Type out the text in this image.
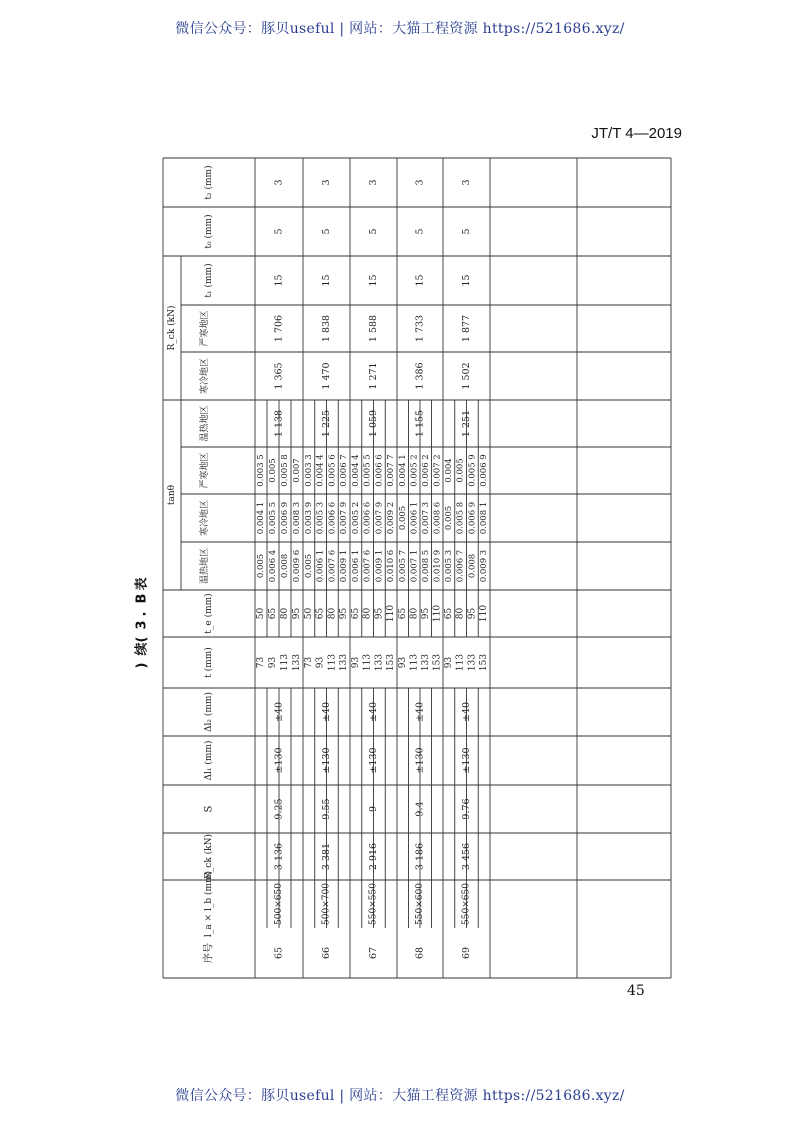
微信公众号：豚贝useful | 网站：大猫工程资源 https://521686.xyz/
JT/T 4—2019
表
B
.
3
(
续
)
序号
l_a × l_b (mm)
R_ck (kN)
S
Δl₁ (mm)
Δl₂ (mm)
t (mm)
t_e (mm)
tanθ
温热地区
寒冷地区
严寒地区
R_ck (kN)
温热地区
寒冷地区
严寒地区
t₁ (mm)
t₀ (mm)
t₂ (mm)
65
500×650
3 136
9.25
±130
±40
1 138
1 365
1 706
15
5
3
73
50
0.005
0.004 1
0.003 5
93
65
0.006 4
0.005 5
0.005
113
80
0.008
0.006 9
0.005 8
133
95
0.009 6
0.008 3
0.007
66
500×700
3 381
9.55
±130
±40
1 225
1 470
1 838
15
5
3
73
50
0.005
0.003 9
0.003 3
93
65
0.006 1
0.005 3
0.004 4
113
80
0.007 6
0.006 6
0.005 6
133
95
0.009 1
0.007 9
0.006 7
67
550×550
2 916
9
±130
±40
1 059
1 271
1 588
15
5
3
93
65
0.006 1
0.005 2
0.004 4
113
80
0.007 6
0.006 6
0.005 5
133
95
0.009 1
0.007 9
0.006 6
153
110
0.010 6
0.009 2
0.007 7
68
550×600
3 186
9.4
±130
±40
1 155
1 386
1 733
15
5
3
93
65
0.005 7
0.005
0.004 1
113
80
0.007 1
0.006 1
0.005 2
133
95
0.008 5
0.007 3
0.006 2
153
110
0.010 9
0.008 6
0.007 2
69
550×650
3 456
9.76
±130
±40
1 251
1 502
1 877
15
5
3
93
65
0.005 3
0.005
0.004
113
80
0.006 7
0.005 8
0.005
133
95
0.008
0.006 9
0.005 9
153
110
0.009 3
0.008 1
0.006 9
45
微信公众号：豚贝useful | 网站：大猫工程资源 https://521686.xyz/
